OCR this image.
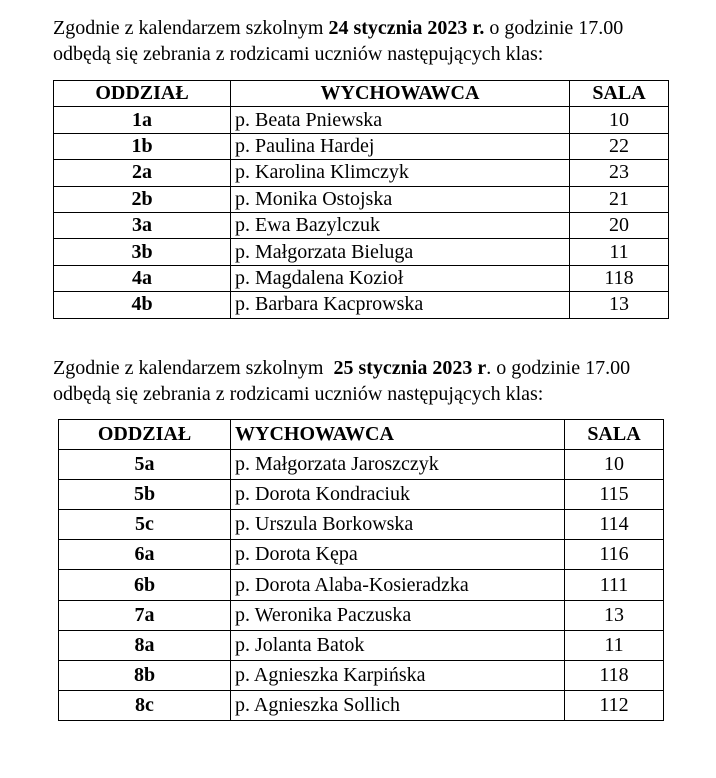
Zgodnie z kalendarzem szkolnym 24 stycznia 2023 r. o godzinie 17.00
odbędą się zebrania z rodzicami uczniów następujących klas:
ODDZIAŁ	WYCHOWAWCA	SALA
1a	p. Beata Pniewska	10
1b	p. Paulina Hardej	22
2a	p. Karolina Klimczyk	23
2b	p. Monika Ostojska	21
3a	p. Ewa Bazylczuk	20
3b	p. Małgorzata Bieluga	11
4a	p. Magdalena Kozioł	118
4b	p. Barbara Kacprowska	13
Zgodnie z kalendarzem szkolnym  25 stycznia 2023 r. o godzinie 17.00
odbędą się zebrania z rodzicami uczniów następujących klas:
ODDZIAŁ	WYCHOWAWCA	SALA
5a	p. Małgorzata Jaroszczyk	10
5b	p. Dorota Kondraciuk	115
5c	p. Urszula Borkowska	114
6a	p. Dorota Kępa	116
6b	p. Dorota Alaba-Kosieradzka	111
7a	p. Weronika Paczuska	13
8a	p. Jolanta Batok	11
8b	p. Agnieszka Karpińska	118
8c	p. Agnieszka Sollich	112
